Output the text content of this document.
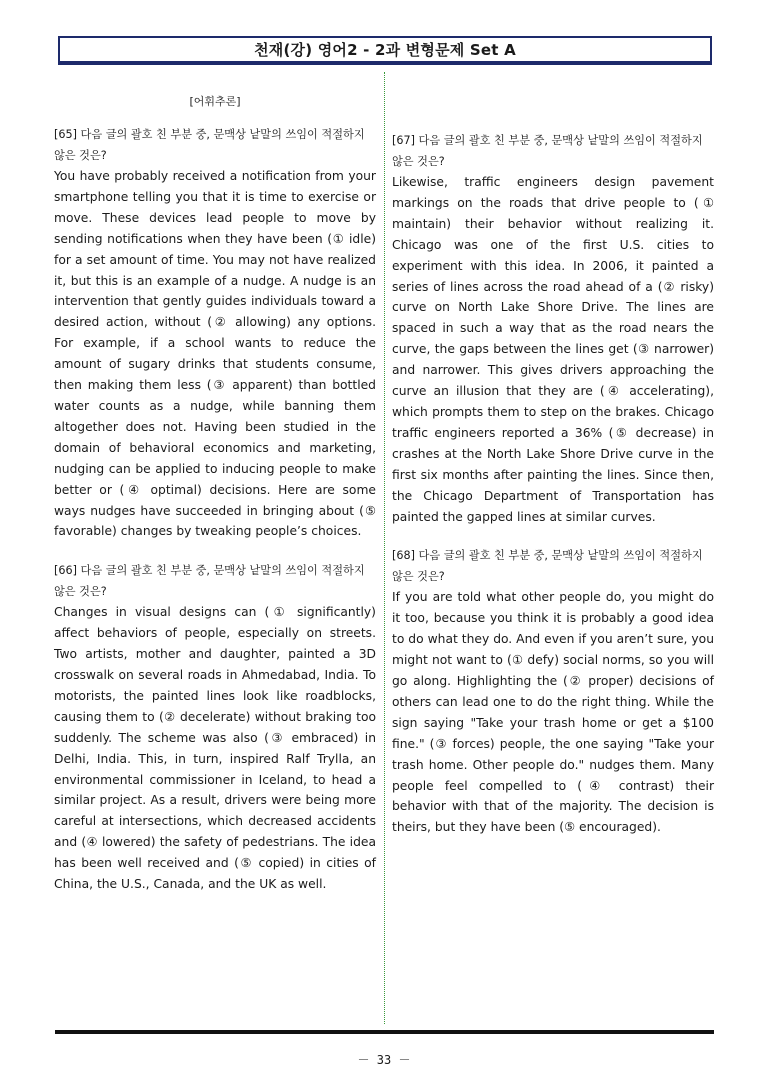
천재(강) 영어2 - 2과 변형문제 Set A
[어휘추론]

[65] 다음 글의 괄호 친 부분 중, 문맥상 낱말의 쓰임이 적절하지 않은 것은?

You have probably received a notification from your smartphone telling you that it is time to exercise or move. These devices lead people to move by sending notifications when they have been (① idle) for a set amount of time. You may not have realized it, but this is an example of a nudge. A nudge is an intervention that gently guides individuals toward a desired action, without (② allowing) any options. For example, if a school wants to reduce the amount of sugary drinks that students consume, then making them less (③ apparent) than bottled water counts as a nudge, while banning them altogether does not. Having been studied in the domain of behavioral economics and marketing, nudging can be applied to inducing people to make better or (④ optimal) decisions. Here are some ways nudges have succeeded in bringing about (⑤ favorable) changes by tweaking people’s choices.

[66] 다음 글의 괄호 친 부분 중, 문맥상 낱말의 쓰임이 적절하지 않은 것은?

Changes in visual designs can (① significantly) affect behaviors of people, especially on streets. Two artists, mother and daughter, painted a 3D crosswalk on several roads in Ahmedabad, India. To motorists, the painted lines look like roadblocks, causing them to (② decelerate) without braking too suddenly. The scheme was also (③ embraced) in Delhi, India. This, in turn, inspired Ralf Trylla, an environmental commissioner in Iceland, to head a similar project. As a result, drivers were being more careful at intersections, which decreased accidents and (④ lowered) the safety of pedestrians. The idea has been well received and (⑤ copied) in cities of China, the U.S., Canada, and the UK as well.

[67] 다음 글의 괄호 친 부분 중, 문맥상 낱말의 쓰임이 적절하지 않은 것은?

Likewise, traffic engineers design pavement markings on the roads that drive people to (① maintain) their behavior without realizing it. Chicago was one of the first U.S. cities to experiment with this idea. In 2006, it painted a series of lines across the road ahead of a (② risky) curve on North Lake Shore Drive. The lines are spaced in such a way that as the road nears the curve, the gaps between the lines get (③ narrower) and narrower. This gives drivers approaching the curve an illusion that they are (④ accelerating), which prompts them to step on the brakes. Chicago traffic engineers reported a 36% (⑤ decrease) in crashes at the North Lake Shore Drive curve in the first six months after painting the lines. Since then, the Chicago Department of Transportation has painted the gapped lines at similar curves.

[68] 다음 글의 괄호 친 부분 중, 문맥상 낱말의 쓰임이 적절하지 않은 것은?

If you are told what other people do, you might do it too, because you think it is probably a good idea to do what they do. And even if you aren’t sure, you might not want to (① defy) social norms, so you will go along. Highlighting the (② proper) decisions of others can lead one to do the right thing. While the sign saying "Take your trash home or get a $100 fine." (③ forces) people, the one saying "Take your trash home. Other people do." nudges them. Many people feel compelled to (④ contrast) their behavior with that of the majority. The decision is theirs, but they have been (⑤ encouraged).

－ 33 －
